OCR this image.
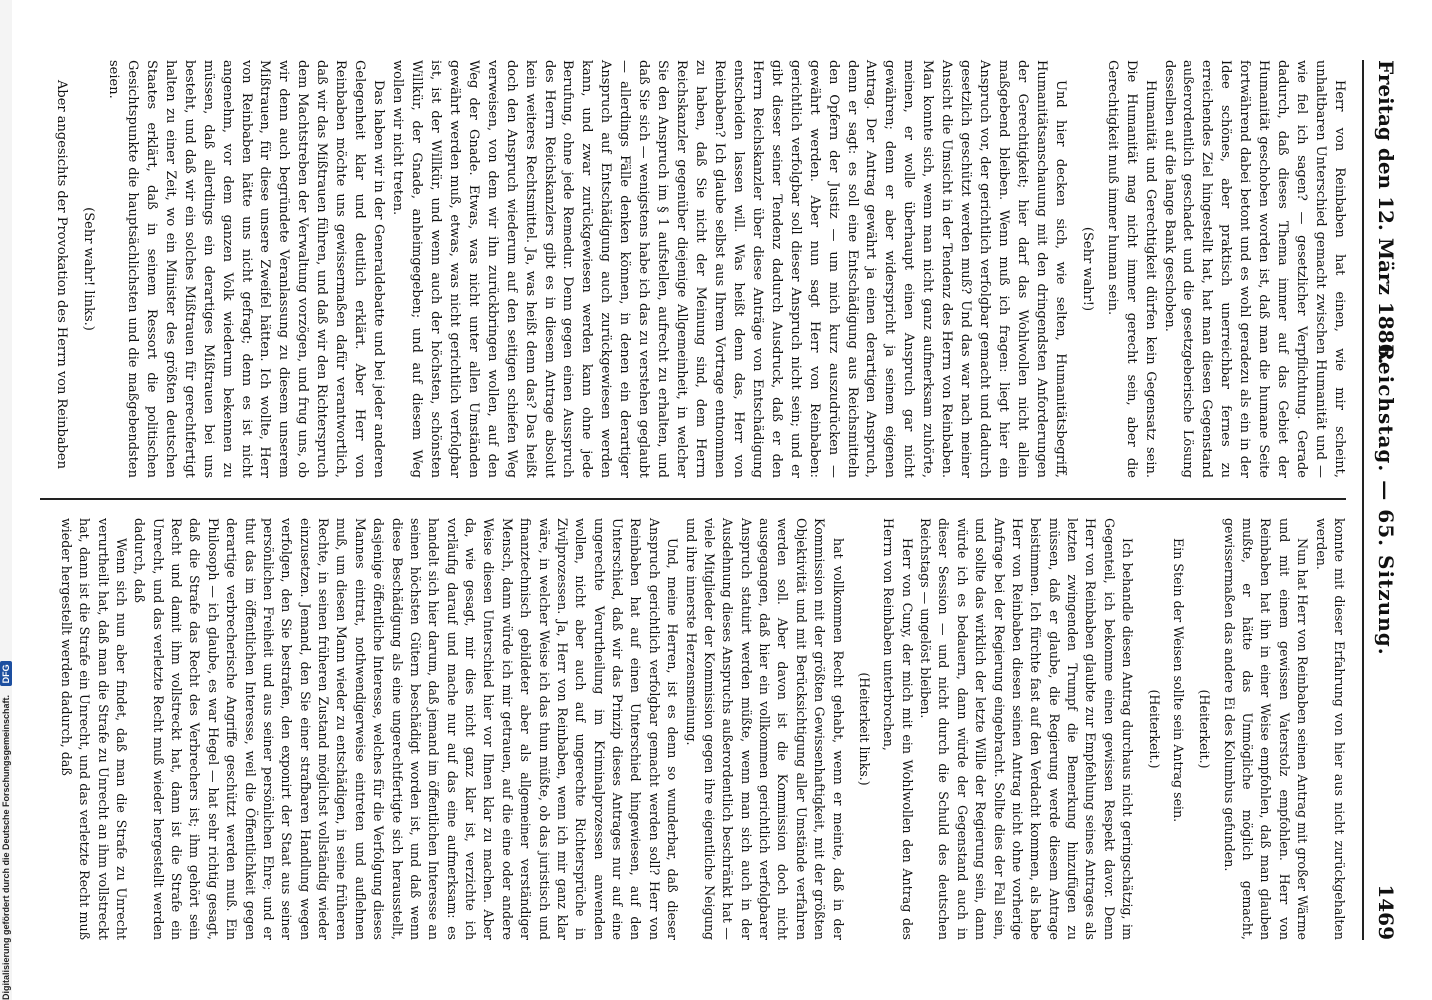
Freitag den 12. März 1886.
Reichstag. — 65. Sitzung.
1469

Herr von Reinbaben hat einen, wie mir scheint, unhaltbaren Unterschied gemacht zwischen Humanität und — wie fiel ich sagen? — gesetzlicher Verpflichtung. Gerade dadurch, daß dieses Thema immer auf das Gebiet der Humanität geschoben worden ist, daß man die humane Seite fortwährend dabei betont und es wohl geradezu als ein in der Idee schönes, aber praktisch unerreichbar fernes zu erreichendes Ziel hingestellt hat, hat man diesen Gegenstand außerordentlich geschadet und die gesetzgeberische Lösung desselben auf die lange Bank geschoben.

Humanität und Gerechtigkeit dürfen kein Gegensatz sein. Die Humanität mag nicht immer gerecht sein, aber die Gerechtigkeit muß immer human sein.

(Sehr wahr!)

Und hier decken sich, wie selten, Humanitätsbegriff, Humanitätsanschauung mit den dringendsten Anforderungen der Gerechtigkeit; hier darf das Wohlwollen nicht allein maßgebend bleiben. Wenn muß ich fragen: liegt hier ein Anspruch vor, der gerichtlich verfolgbar gemacht und dadurch gesetzlich geschützt werden muß? Und das war nach meiner Ansicht die Umsicht in der Tendenz des Herrn von Reinbaben. Man konnte sich, wenn man nicht ganz aufmerksam zuhörte, meinen, er wolle überhaupt einen Anspruch gar nicht gewähren; denn er aber widerspricht ja seinem eigenen Antrag. Der Antrag gewährt ja einen derartigen Anspruch, denn er sagt: es soll eine Entschädigung aus Reichsmitteln den Opfern der Justiz — um mich kurz auszudrücken — gewährt werden. Aber nun sagt Herr von Reinbaben: gerichtlich verfolgbar soll dieser Anspruch nicht sein; und er gibt dieser seiner Tendenz dadurch Ausdruck, daß er den Herrn Reichskanzler über diese Anträge von Entschädigung entscheiden lassen will. Was heißt denn das, Herr von Reinbaben? Ich glaube selbst aus Ihrem Vortrage entnommen zu haben, daß Sie nicht der Meinung sind, dem Herrn Reichskanzler gegenüber diejenige Allgemeinheit, in welcher Sie den Anspruch im § 1 aufstellen, aufrecht zu erhalten, und daß Sie sich — wenigstens habe ich das zu verstehen geglaubt — allerdings Fälle denken können, in denen ein derartiger Anspruch auf Entschädigung auch zurückgewiesen werden kann, und zwar zurückgewiesen werden kann ohne jede Berufung, ohne jede Remedur. Denn gegen einen Ausspruch des Herrn Reichskanzlers gibt es in diesem Antrage absolut kein weiteres Rechtsmittel. Ja, was heißt denn das? Das heißt doch den Anspruch wiederum auf den seitigen schiefen Weg verweisen, von dem wir ihn zurückbringen wollen, auf den Weg der Gnade. Etwas, was nicht unter allen Umständen gewährt werden muß, etwas, was nicht gerichtlich verfolgbar ist, ist der Willkür, und wenn auch der höchsten, schönsten Willkür, der Gnade, anheimgegeben; und auf diesem Weg wollen wir nicht treten.

Das haben wir in der Generaldebatte und bei jeder anderen Gelegenheit klar und deutlich erklärt. Aber Herr von Reinbaben möchte uns gewissermaßen dafür verantwortlich, daß wir das Mißtrauen führen, und daß wir den Richterspruch dem Machtstreben der Verwaltung vorzögen, und frug uns, ob wir denn auch begründete Veranlassung zu diesem unserem Mißtrauen, für diese unsere Zweifel hätten. Ich wollte, Herr von Reinbaben hätte uns nicht gefragt; denn es ist nicht angenehm, vor dem ganzen Volk wiederum bekennen zu müssen, daß allerdings ein derartiges Mißtrauen bei uns besteht, und daß wir ein solches Mißtrauen für gerechtfertigt halten zu einer Zeit, wo ein Minister des größten deutschen Staates erklärt, daß in seinem Ressort die politischen Gesichtspunkte die hauptsächlichsten und die maßgebendsten seien.

(Sehr wahr! links.)

Aber angesichts der Provokation des Herrn von Reinbaben

konnte mit dieser Erfahrung von hier aus nicht zurückgehalten werden.

Nun hat Herr von Reinbaben seinen Antrag mit großer Wärme und mit einem gewissen Vaterstolz empfohlen. Herr von Reinbaben hat ihn in einer Weise empfohlen, daß man glauben mußte, er hätte das Unmögliche möglich gemacht, gewissermaßen das andere Ei des Kolumbus gefunden.

(Heiterkeit.)

Ein Stein der Weisen sollte sein Antrag sein.

(Heiterkeit.)

Ich behandle diesen Antrag durchaus nicht geringschätzig, im Gegenteil, ich bekomme einen gewissen Respekt davor. Denn Herr von Reinbaben glaubte zur Empfehlung seines Antrages als letzten zwingenden Trumpf die Bemerkung hinzufügen zu müssen, daß er glaube, die Regierung werde diesem Antrage beistimmen. Ich fürchte fast auf den Verdacht kommen, als habe Herr von Reinbaben diesen seinen Antrag nicht ohne vorherige Anfrage bei der Regierung eingebracht. Sollte dies der Fall sein, und sollte das wirklich der letzte Wille der Regierung sein, dann würde ich es bedauern, dann würde der Gegenstand auch in dieser Session — und nicht durch die Schuld des deutschen Reichstags — ungelöst bleiben.

Herr von Cuny, der mich mit ein Wohlwollen den Antrag des Herrn von Reinbaben unterbrochen,

(Heiterkeit links.)

hat vollkommen Recht gehabt, wenn er meinte, daß in der Kommission mit der größten Gewissenhaftigkeit, mit der größten Objektivität und mit Berücksichtigung aller Umstände verfahren werden soll. Aber davon ist die Kommission doch nicht ausgegangen, daß hier ein vollkommen gerichtlich verfolgbarer Anspruch statuirt werden müßte, wenn man sich auch in der Ausdehnung dieses Anspruchs außerordentlich beschränkt hat — viele Mitglieder der Kommission gegen ihre eigentliche Neigung und ihre innerste Herzensmeinung.

Und, meine Herren, ist es denn so wunderbar, daß dieser Anspruch gerichtlich verfolgbar gemacht werden soll? Herr von Reinbaben hat auf einen Unterschied hingewiesen, auf den Unterschied, daß wir das Prinzip dieses Antrages nur auf eine ungerechte Verurtheilung im Kriminalprozessen anwenden wollen, nicht aber auch auf ungerechte Richtersprüche in Zivilprozessen. Ja, Herr von Reinbaben, wenn ich mir ganz klar wäre, in welcher Weise ich das thun müßte, ob das juristisch und finanztechnisch gebildeter aber als allgemeiner verständiger Mensch, dann würde ich mir getrauen, auf die eine oder andere Weise diesen Unterschied hier vor Ihnen klar zu machen. Aber da, wie gesagt, mir dies nicht ganz klar ist, verzichte ich vorläufig darauf und mache nur auf das eine aufmerksam: es handelt sich hier darum, daß jemand im öffentlichen Interesse an seinen höchsten Gütern beschädigt worden ist, und daß wenn diese Beschädigung als eine ungerechtfertigte sich herausstellt, dasjenige öffentliche Interesse, welches für die Verfolgung dieses Mannes eintrat, nothwendigerweise eintreten und auflehnen muß, um diesen Mann wieder zu entschädigen, in seine früheren Rechte, in seinen früheren Zustand möglichst vollständig wieder einzusetzen. Jemand, den Sie einer strafbaren Handlung wegen verfolgen, den Sie bestrafen, den exponirt der Staat aus seiner persönlichen Freiheit und aus seiner persönlichen Ehre; und er thut das im öffentlichen Interesse, weil die Öffentlichkeit gegen derartige verbrecherische Angriffe geschützt werden muß. Ein Philosoph — ich glaube, es war Hegel — hat sehr richtig gesagt, daß die Strafe das Recht des Verbrechers ist; ihm gehört sein Recht und damit ihm vollstreckt hat, dann ist die Strafe ein Unrecht, und das verletzte Recht muß wieder hergestellt werden dadurch, daß

Wenn sich nun aber findet, daß man die Strafe zu Unrecht verurtheilt hat, daß man die Strafe zu Unrecht an ihm vollstreckt hat, dann ist die Strafe ein Unrecht, und das verletzte Recht muß wieder hergestellt werden dadurch, daß

Digitalisierung gefördert durch die Deutsche Forschungsgemeinschaft. DFG
